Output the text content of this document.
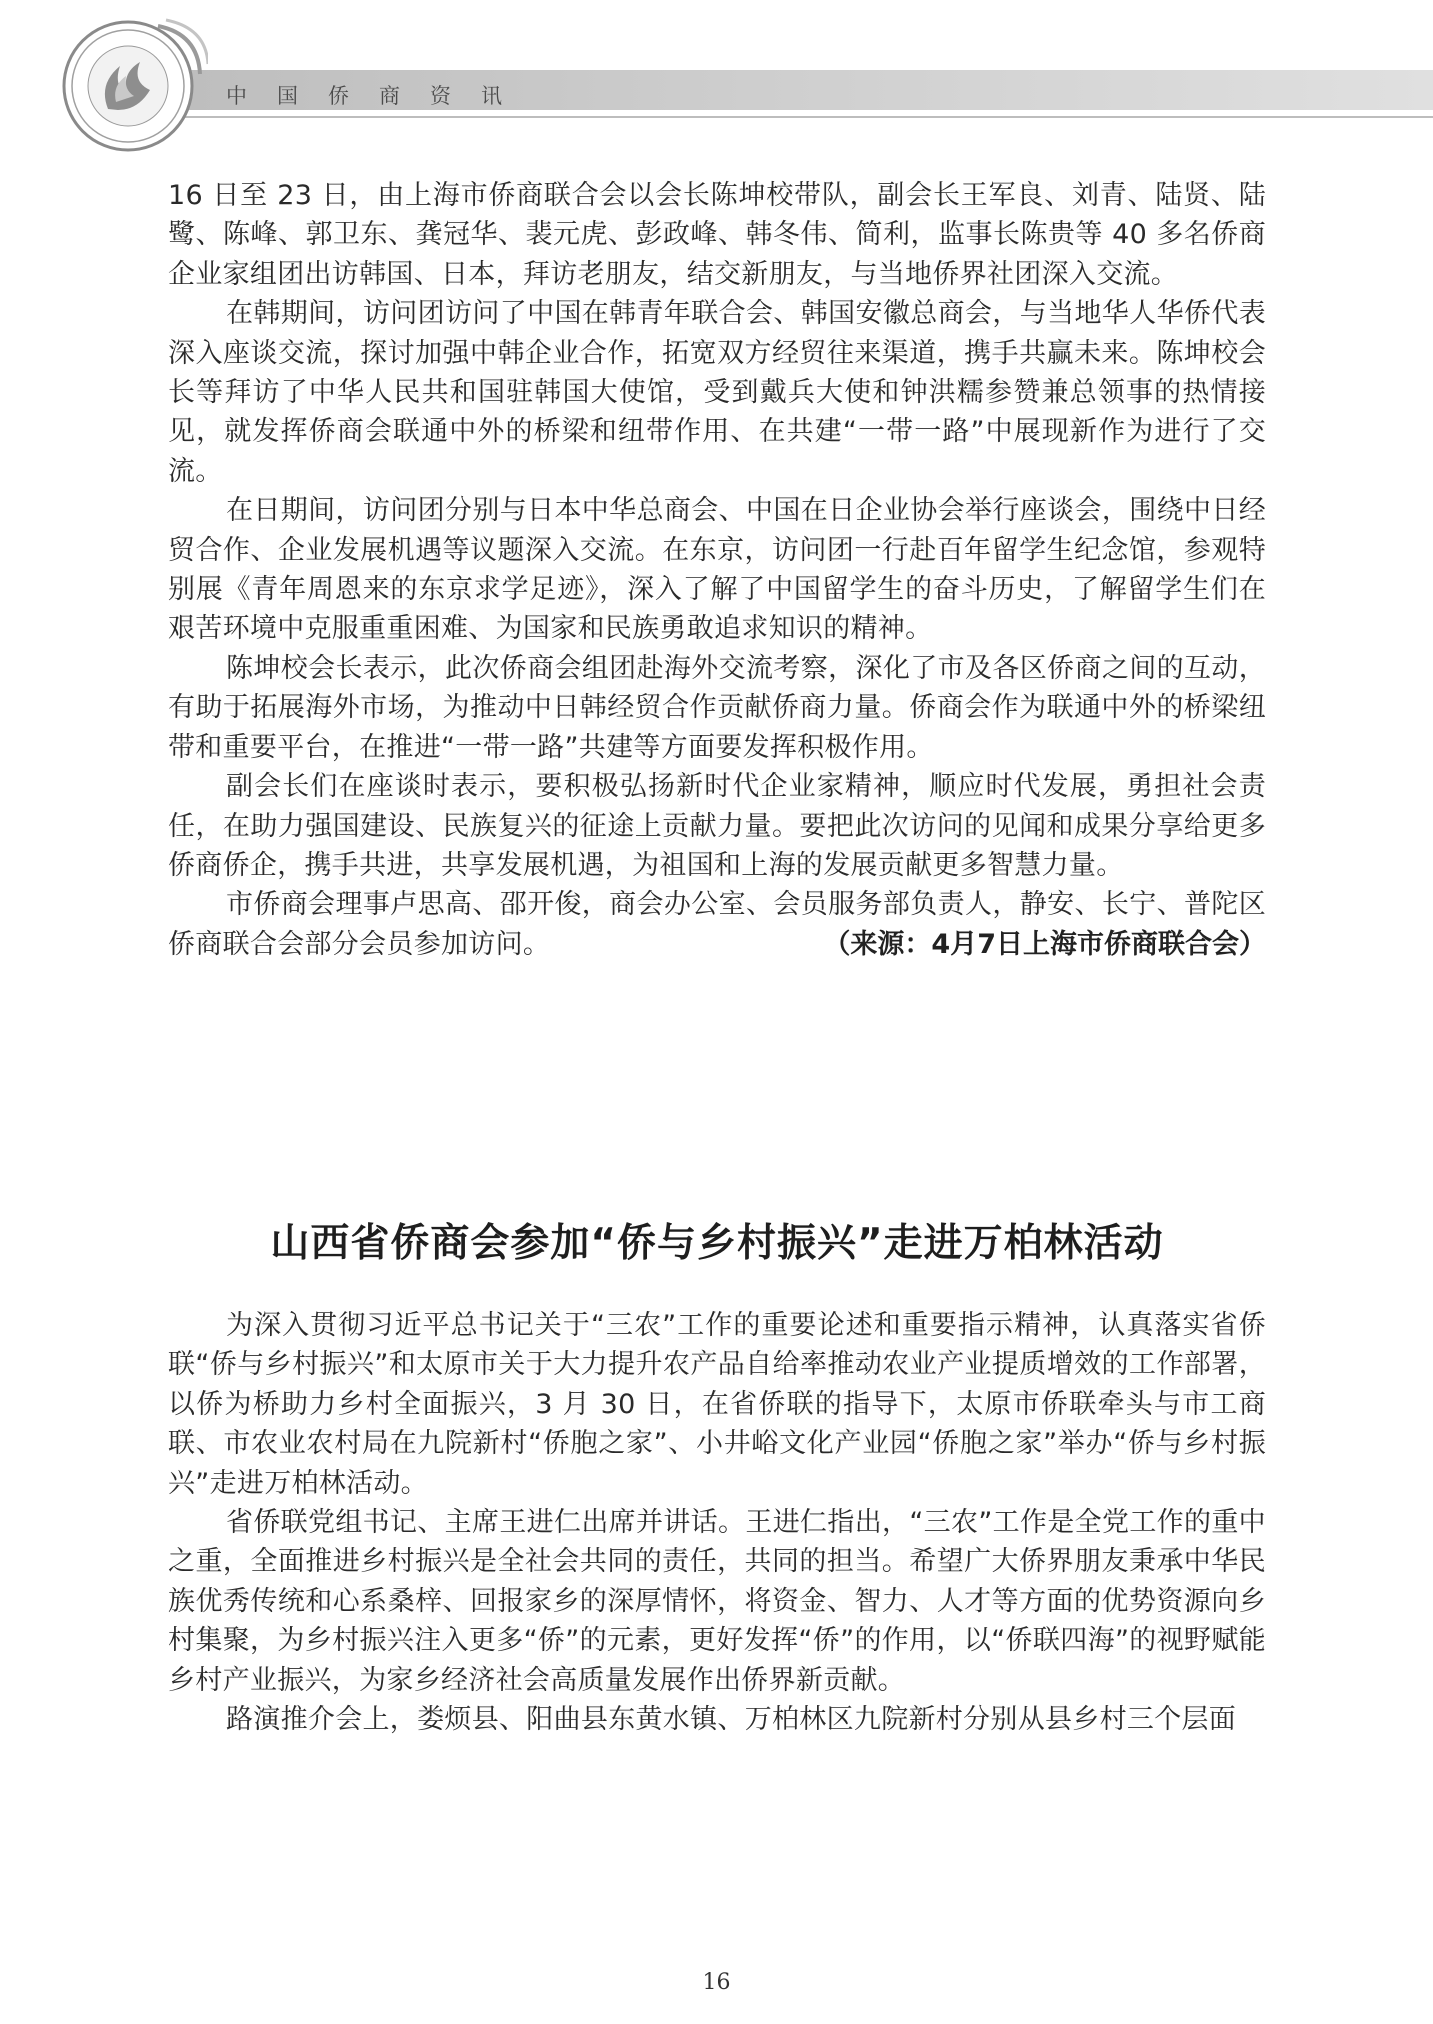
中国侨商资讯

16 日至 23 日，由上海市侨商联合会以会长陈坤校带队，副会长王军良、刘青、陆贤、陆鹭、陈峰、郭卫东、龚冠华、裴元虎、彭政峰、韩冬伟、简利，监事长陈贵等 40 多名侨商企业家组团出访韩国、日本，拜访老朋友，结交新朋友，与当地侨界社团深入交流。

在韩期间，访问团访问了中国在韩青年联合会、韩国安徽总商会，与当地华人华侨代表深入座谈交流，探讨加强中韩企业合作，拓宽双方经贸往来渠道，携手共赢未来。陈坤校会长等拜访了中华人民共和国驻韩国大使馆，受到戴兵大使和钟洪糯参赞兼总领事的热情接见，就发挥侨商会联通中外的桥梁和纽带作用、在共建“一带一路”中展现新作为进行了交流。

在日期间，访问团分别与日本中华总商会、中国在日企业协会举行座谈会，围绕中日经贸合作、企业发展机遇等议题深入交流。在东京，访问团一行赴百年留学生纪念馆，参观特别展《青年周恩来的东京求学足迹》，深入了解了中国留学生的奋斗历史，了解留学生们在艰苦环境中克服重重困难、为国家和民族勇敢追求知识的精神。

陈坤校会长表示，此次侨商会组团赴海外交流考察，深化了市及各区侨商之间的互动，有助于拓展海外市场，为推动中日韩经贸合作贡献侨商力量。侨商会作为联通中外的桥梁纽带和重要平台，在推进“一带一路”共建等方面要发挥积极作用。

副会长们在座谈时表示，要积极弘扬新时代企业家精神，顺应时代发展，勇担社会责任，在助力强国建设、民族复兴的征途上贡献力量。要把此次访问的见闻和成果分享给更多侨商侨企，携手共进，共享发展机遇，为祖国和上海的发展贡献更多智慧力量。

市侨商会理事卢思高、邵开俊，商会办公室、会员服务部负责人，静安、长宁、普陀区侨商联合会部分会员参加访问。	（来源：4月7日上海市侨商联合会）
山西省侨商会参加“侨与乡村振兴”走进万柏林活动

为深入贯彻习近平总书记关于“三农”工作的重要论述和重要指示精神，认真落实省侨联“侨与乡村振兴”和太原市关于大力提升农产品自给率推动农业产业提质增效的工作部署，以侨为桥助力乡村全面振兴，3 月 30 日，在省侨联的指导下，太原市侨联牵头与市工商联、市农业农村局在九院新村“侨胞之家”、小井峪文化产业园“侨胞之家”举办“侨与乡村振兴”走进万柏林活动。

省侨联党组书记、主席王进仁出席并讲话。王进仁指出，“三农”工作是全党工作的重中之重，全面推进乡村振兴是全社会共同的责任，共同的担当。希望广大侨界朋友秉承中华民族优秀传统和心系桑梓、回报家乡的深厚情怀，将资金、智力、人才等方面的优势资源向乡村集聚，为乡村振兴注入更多“侨”的元素，更好发挥“侨”的作用，以“侨联四海”的视野赋能乡村产业振兴，为家乡经济社会高质量发展作出侨界新贡献。

路演推介会上，娄烦县、阳曲县东黄水镇、万柏林区九院新村分别从县乡村三个层面

16
